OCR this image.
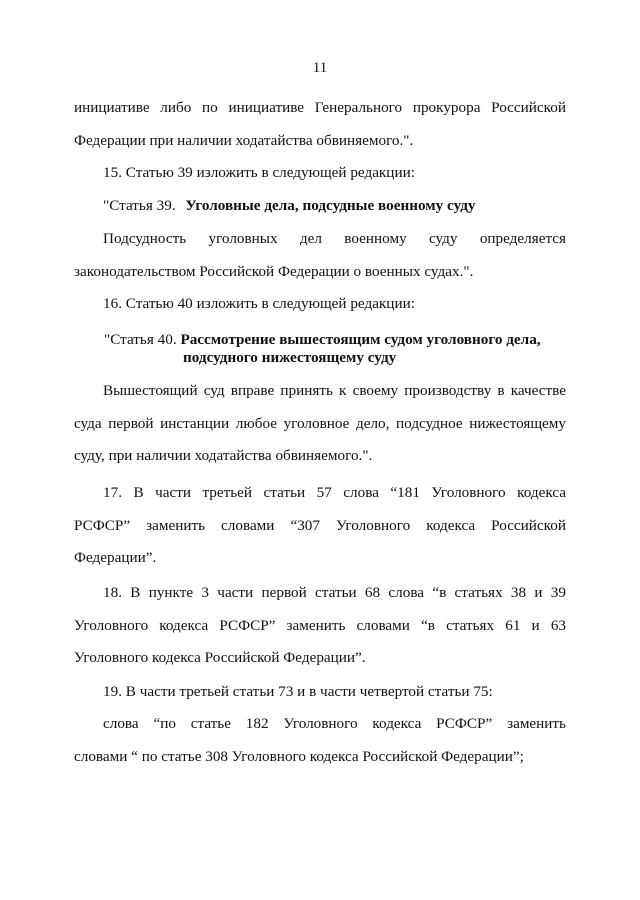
11
инициативе либо по инициативе Генерального прокурора Российской
Федерации при наличии ходатайства обвиняемого.".
15. Статью 39 изложить в следующей редакции:
"Статья 39. Уголовные дела, подсудные военному суду
Подсудность уголовных дел военному суду определяется
законодательством Российской Федерации о военных судах.".
16. Статью 40 изложить в следующей редакции:
"Статья 40. Рассмотрение вышестоящим судом уголовного дела,
подсудного нижестоящему суду
Вышестоящий суд вправе принять к своему производству в качестве
суда первой инстанции любое уголовное дело, подсудное нижестоящему
суду, при наличии ходатайства обвиняемого.".
17. В части третьей статьи 57 слова “181 Уголовного кодекса
РСФСР” заменить словами “307 Уголовного кодекса Российской
Федерации”.
18. В пункте 3 части первой статьи 68 слова “в статьях 38 и 39
Уголовного кодекса РСФСР” заменить словами “в статьях 61 и 63
Уголовного кодекса Российской Федерации”.
19. В части третьей статьи 73 и в части четвертой статьи 75:
слова “по статье 182 Уголовного кодекса РСФСР” заменить
словами “ по статье 308 Уголовного кодекса Российской Федерации”;
